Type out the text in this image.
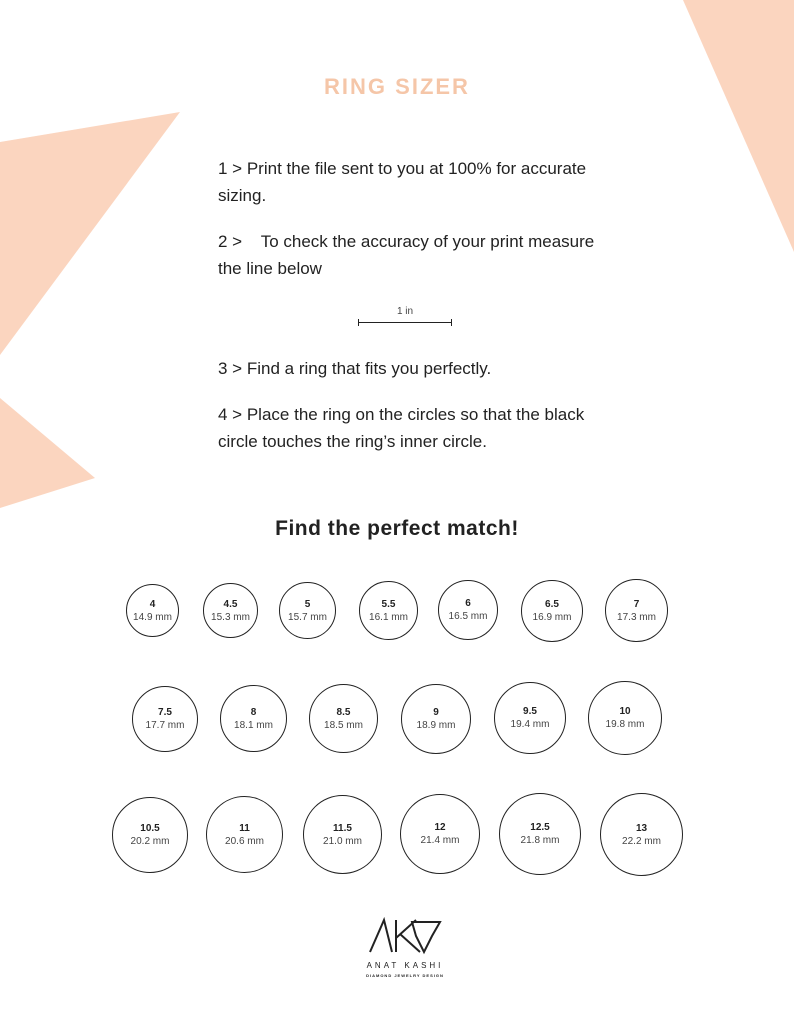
RING SIZER
1 > Print the file sent to you at 100% for accurate sizing.
2 >    To check the accuracy of your print measure the line below
1 in
3 > Find a ring that fits you perfectly.
4 > Place the ring on the circles so that the black circle touches the ring’s inner circle.
Find the perfect match!
4
14.9 mm
4.5
15.3 mm
5
15.7 mm
5.5
16.1 mm
6
16.5 mm
6.5
16.9 mm
7
17.3 mm
7.5
17.7 mm
8
18.1 mm
8.5
18.5 mm
9
18.9 mm
9.5
19.4 mm
10
19.8 mm
10.5
20.2 mm
11
20.6 mm
11.5
21.0 mm
12
21.4 mm
12.5
21.8 mm
13
22.2 mm
ANAT KASHI
DIAMOND JEWELRY DESIGN
